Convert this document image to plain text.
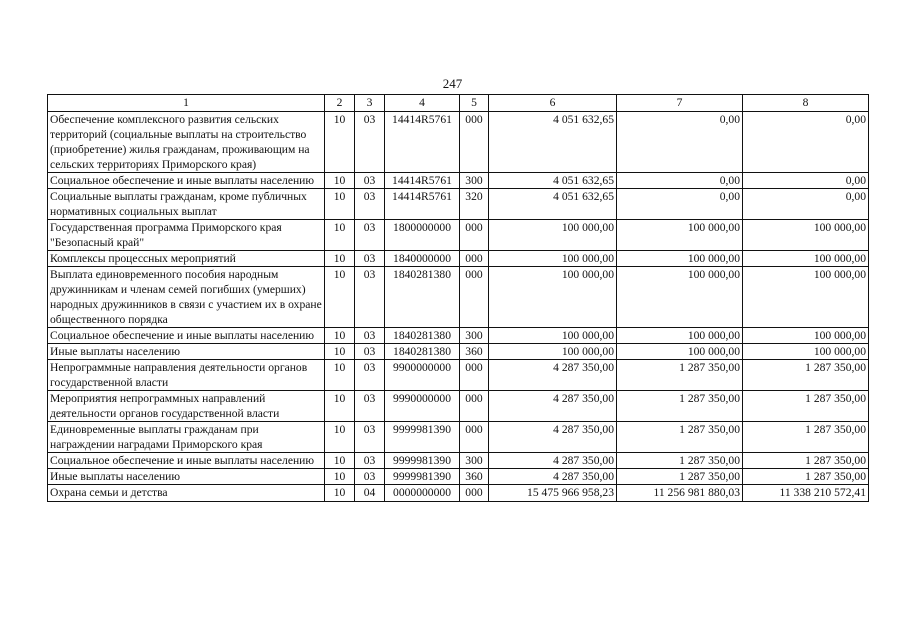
247
1	2	3	4	5	6	7	8
Обеспечение комплексного развития сельских территорий (социальные выплаты на строительство (приобретение) жилья гражданам, проживающим на сельских территориях Приморского края)	10	03	14414R5761	000	4 051 632,65	0,00	0,00
Социальное обеспечение и иные выплаты населению	10	03	14414R5761	300	4 051 632,65	0,00	0,00
Социальные выплаты гражданам, кроме публичных нормативных социальных выплат	10	03	14414R5761	320	4 051 632,65	0,00	0,00
Государственная программа Приморского края "Безопасный край"	10	03	1800000000	000	100 000,00	100 000,00	100 000,00
Комплексы процессных мероприятий	10	03	1840000000	000	100 000,00	100 000,00	100 000,00
Выплата единовременного пособия народным дружинникам и членам семей погибших (умерших) народных дружинников в связи с участием их в охране общественного порядка	10	03	1840281380	000	100 000,00	100 000,00	100 000,00
Социальное обеспечение и иные выплаты населению	10	03	1840281380	300	100 000,00	100 000,00	100 000,00
Иные выплаты населению	10	03	1840281380	360	100 000,00	100 000,00	100 000,00
Непрограммные направления деятельности органов государственной власти	10	03	9900000000	000	4 287 350,00	1 287 350,00	1 287 350,00
Мероприятия непрограммных направлений деятельности органов государственной власти	10	03	9990000000	000	4 287 350,00	1 287 350,00	1 287 350,00
Единовременные выплаты гражданам при награждении наградами Приморского края	10	03	9999981390	000	4 287 350,00	1 287 350,00	1 287 350,00
Социальное обеспечение и иные выплаты населению	10	03	9999981390	300	4 287 350,00	1 287 350,00	1 287 350,00
Иные выплаты населению	10	03	9999981390	360	4 287 350,00	1 287 350,00	1 287 350,00
Охрана семьи и детства	10	04	0000000000	000	15 475 966 958,23	11 256 981 880,03	11 338 210 572,41
